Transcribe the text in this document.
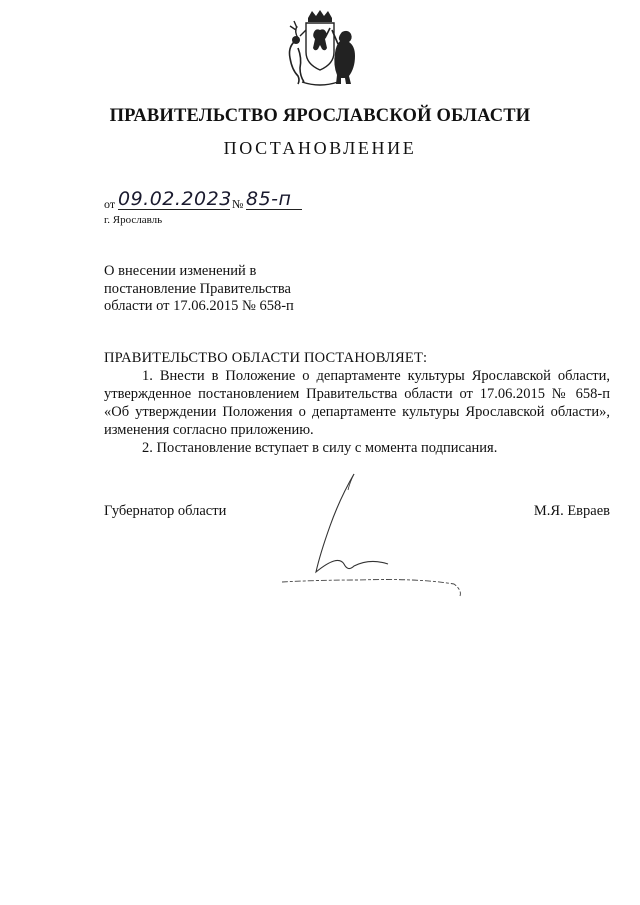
ПРАВИТЕЛЬСТВО ЯРОСЛАВСКОЙ ОБЛАСТИ
ПОСТАНОВЛЕНИЕ
от 09.02.2023 № 85-п
г. Ярославль
О внесении изменений в
постановление Правительства
области от 17.06.2015 № 658-п
ПРАВИТЕЛЬСТВО ОБЛАСТИ ПОСТАНОВЛЯЕТ:
1. Внести в Положение о департаменте культуры Ярославской области, утвержденное постановлением Правительства области от 17.06.2015 № 658-п «Об утверждении Положения о департаменте культуры Ярославской области», изменения согласно приложению.
2. Постановление вступает в силу с момента подписания.
Губернатор области	М.Я. Евраев
